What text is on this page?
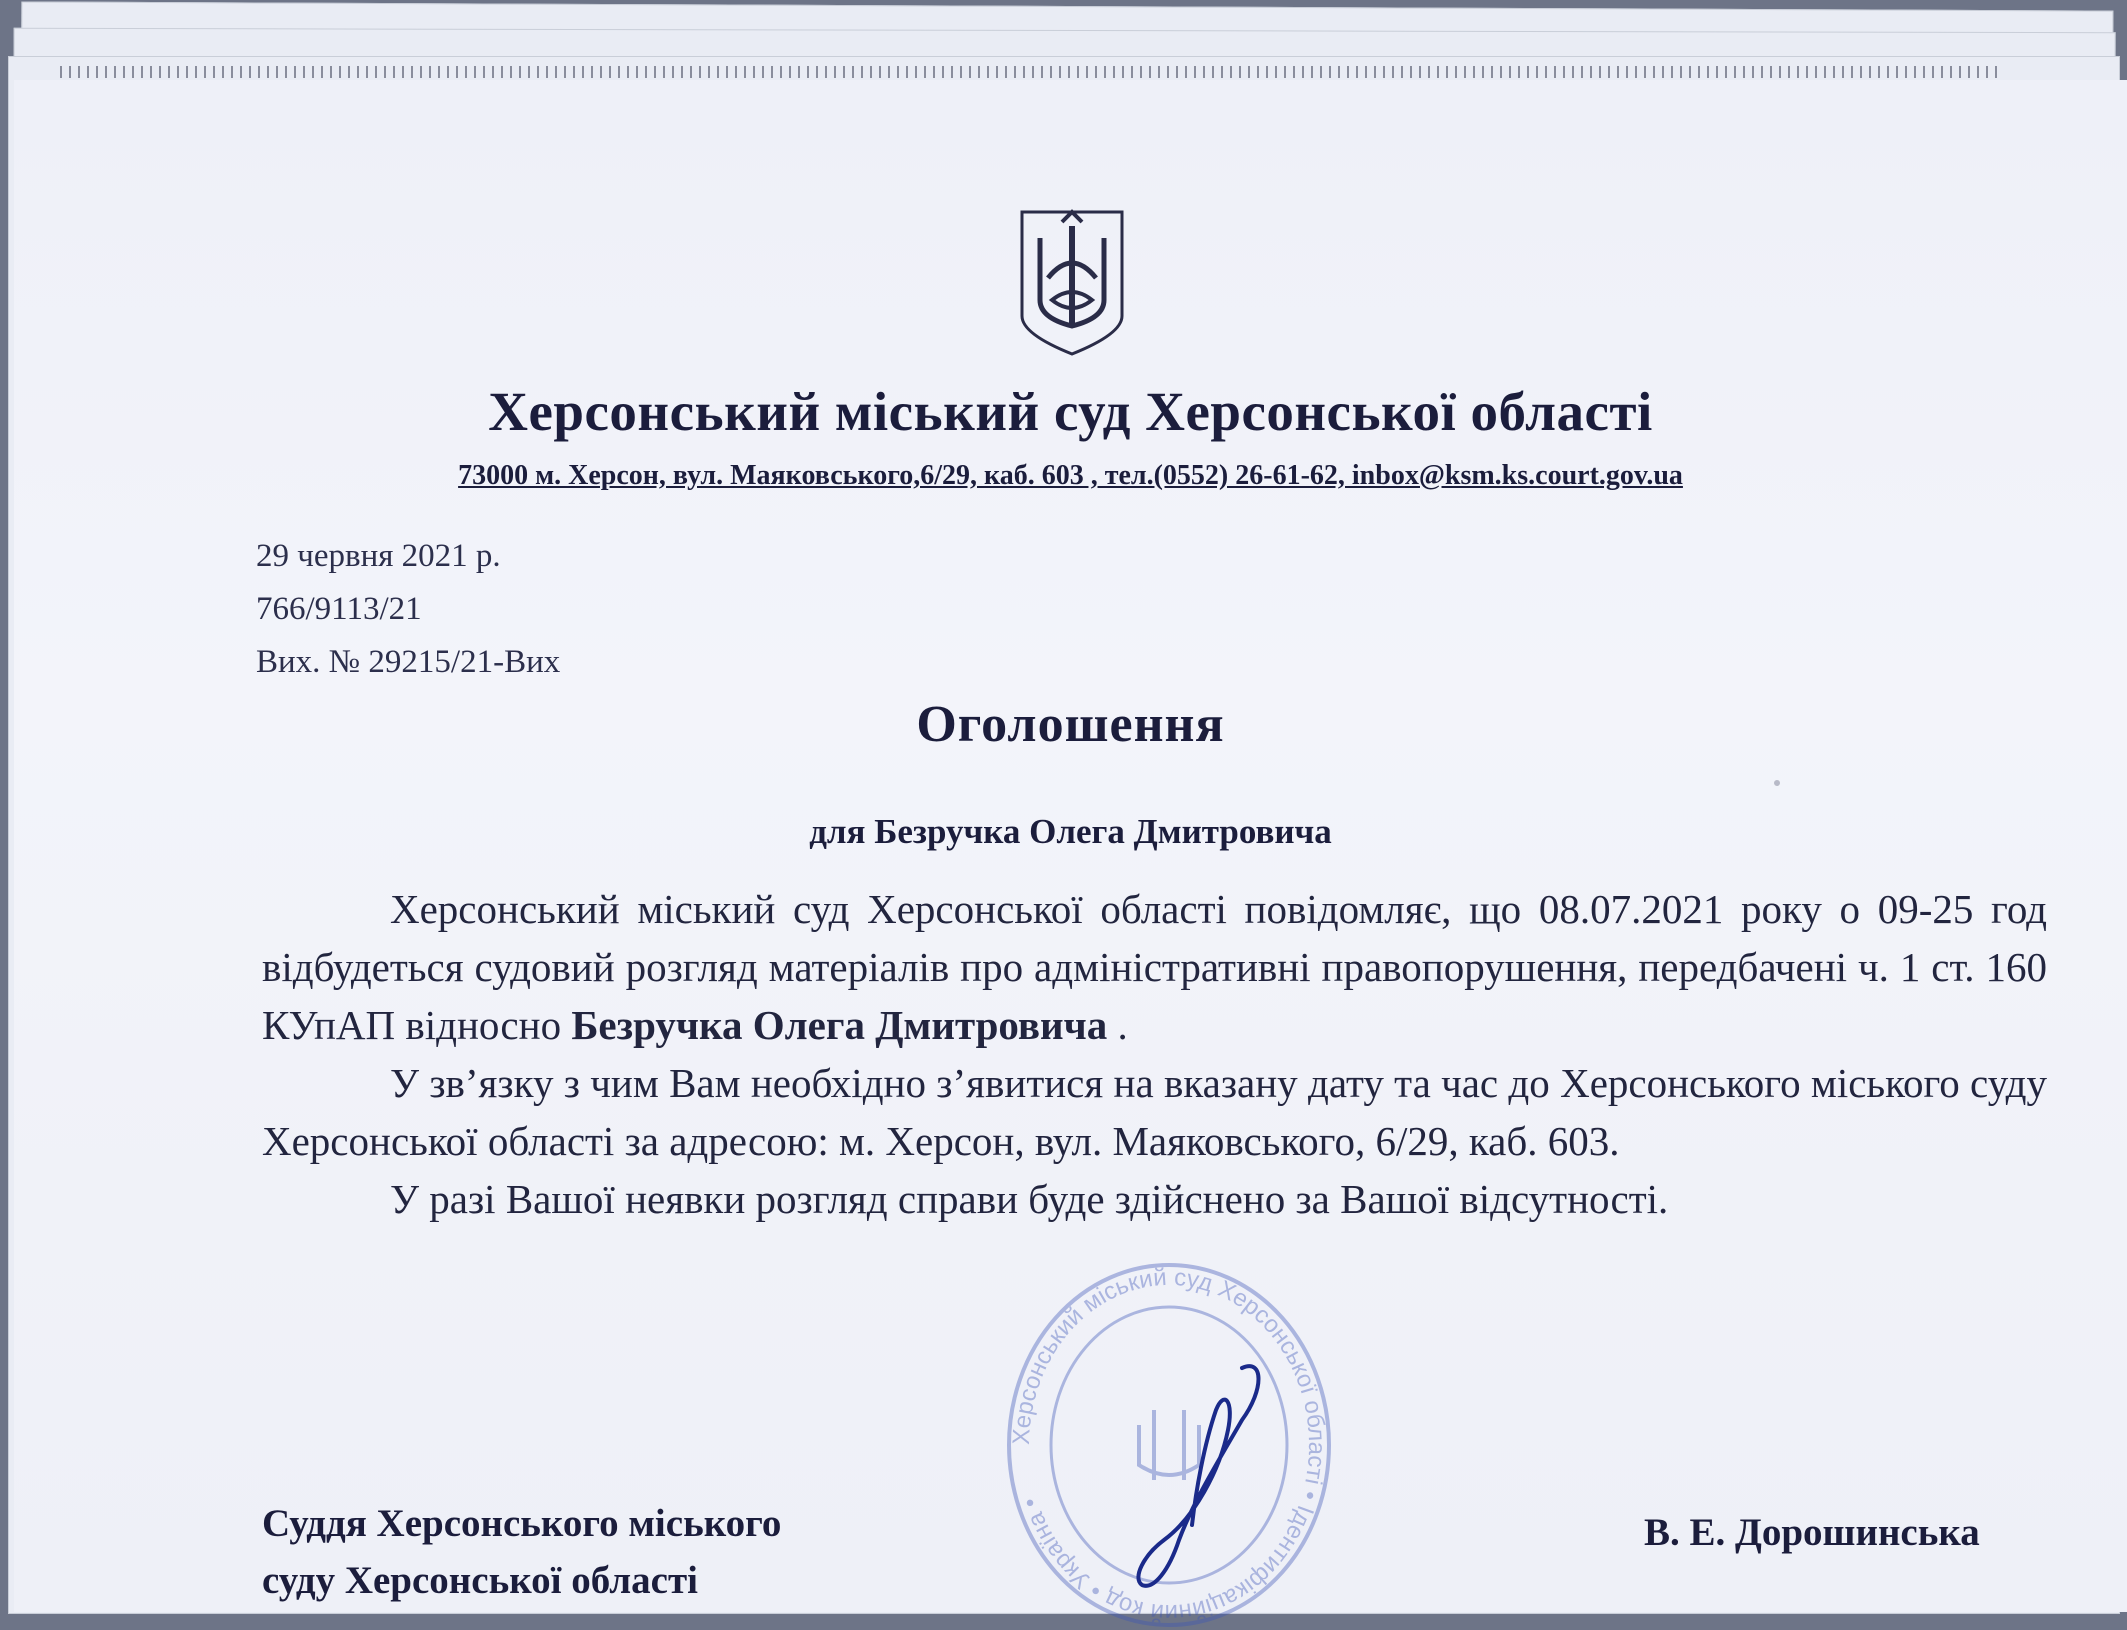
Херсонський міський суд Херсонської області
73000 м. Херсон, вул. Маяковського,6/29, каб. 603 , тел.(0552) 26-61-62, inbox@ksm.ks.court.gov.ua
29 червня 2021 р.
766/9113/21
Вих. № 29215/21-Вих
Оголошення
для Безручка Олега Дмитровича

Херсонський міський суд Херсонської області повідомляє, що 08.07.2021 року о 09-25 год відбудеться судовий розгляд матеріалів про адміністративні правопорушення, передбачені ч. 1 ст. 160 КУпАП відносно Безручка Олега Дмитровича .

У зв’язку з чим Вам необхідно з’явитися на вказану дату та час до Херсонського міського суду Херсонської області за адресою: м. Херсон, вул. Маяковського, 6/29, каб. 603.

У разі Вашої неявки розгляд справи буде здійснено за Вашої відсутності.

Суддя Херсонського міського
суду Херсонської області
В. Е. Дорошинська
Херсонський міський суд Херсонської області • Ідентифікаційний код • Україна •
